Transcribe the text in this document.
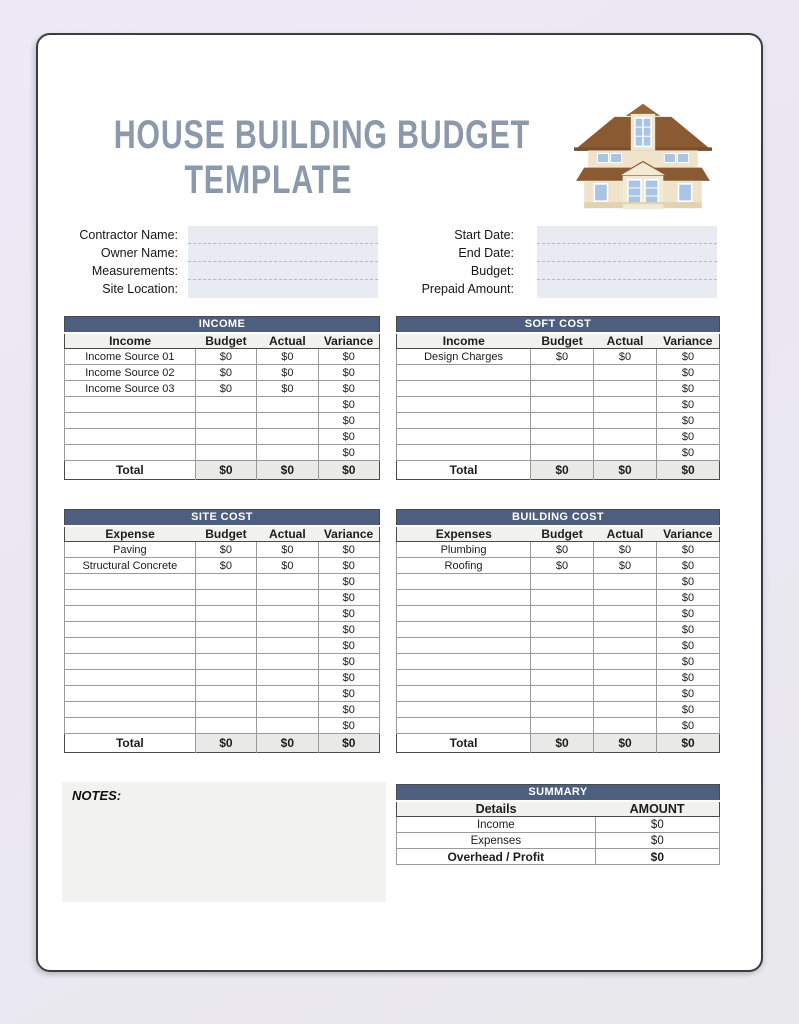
HOUSE BUILDING BUDGET
TEMPLATE
Contractor Name:
Owner Name:
Measurements:
Site Location:
Start Date:
End Date:
Budget:
Prepaid Amount:
INCOME			
Income	Budget	Actual	Variance
Income Source 01	$0	$0	$0
Income Source 02	$0	$0	$0
Income Source 03	$0	$0	$0
			$0
			$0
			$0
			$0
Total	$0	$0	$0
SOFT COST			
Income	Budget	Actual	Variance
Design Charges	$0	$0	$0
			$0
			$0
			$0
			$0
			$0
			$0
Total	$0	$0	$0
SITE COST			
Expense	Budget	Actual	Variance
Paving	$0	$0	$0
Structural Concrete	$0	$0	$0
			$0
			$0
			$0
			$0
			$0
			$0
			$0
			$0
			$0
			$0
Total	$0	$0	$0
BUILDING COST			
Expenses	Budget	Actual	Variance
Plumbing	$0	$0	$0
Roofing	$0	$0	$0
			$0
			$0
			$0
			$0
			$0
			$0
			$0
			$0
			$0
			$0
Total	$0	$0	$0
NOTES:	SUMMARY	
Details	AMOUNT
Income	$0
Expenses	$0
Overhead / Profit	$0
